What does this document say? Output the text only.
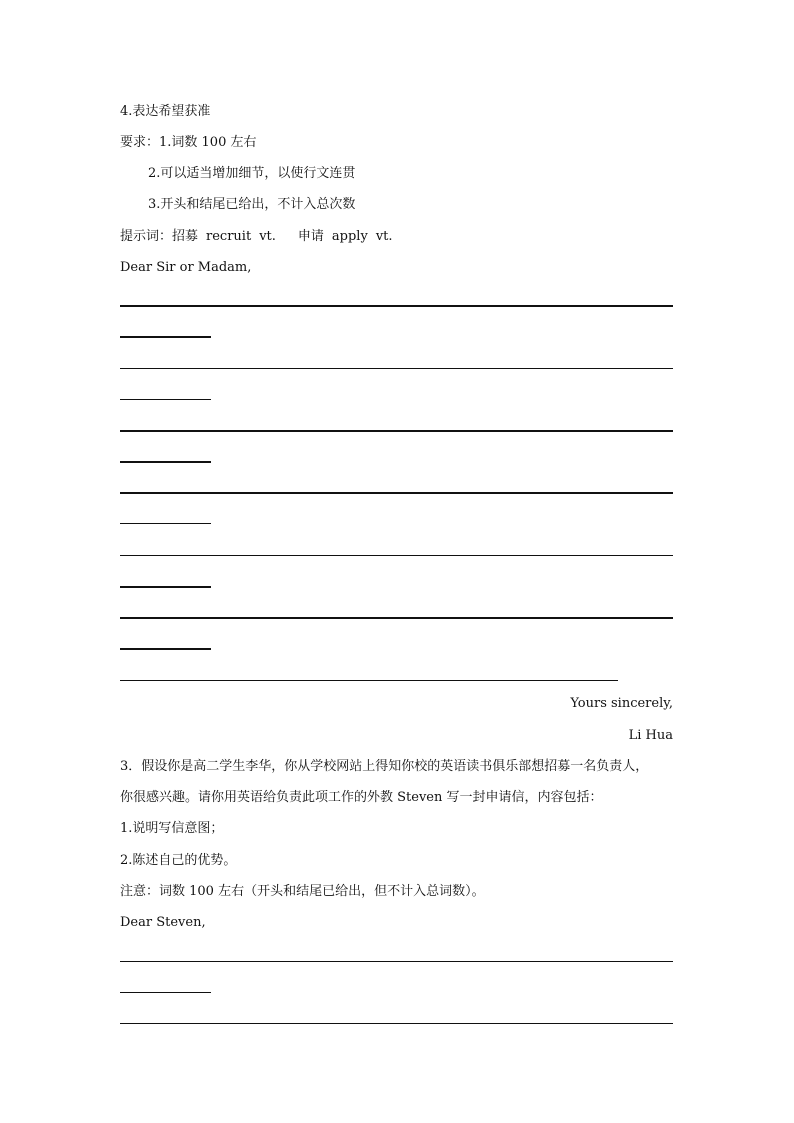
4.表达希望获准
要求：1.词数 100 左右
2.可以适当增加细节，以使行文连贯
3.开头和结尾已给出，不计入总次数
提示词：招募 recruit vt. 申请 apply vt.
Dear Sir or Madam,
Yours sincerely,
Li Hua
3．假设你是高二学生李华，你从学校网站上得知你校的英语读书俱乐部想招募一名负责人，
你很感兴趣。请你用英语给负责此项工作的外教 Steven 写一封申请信，内容包括：
1.说明写信意图；
2.陈述自己的优势。
注意：词数 100 左右（开头和结尾已给出，但不计入总词数）。
Dear Steven,
